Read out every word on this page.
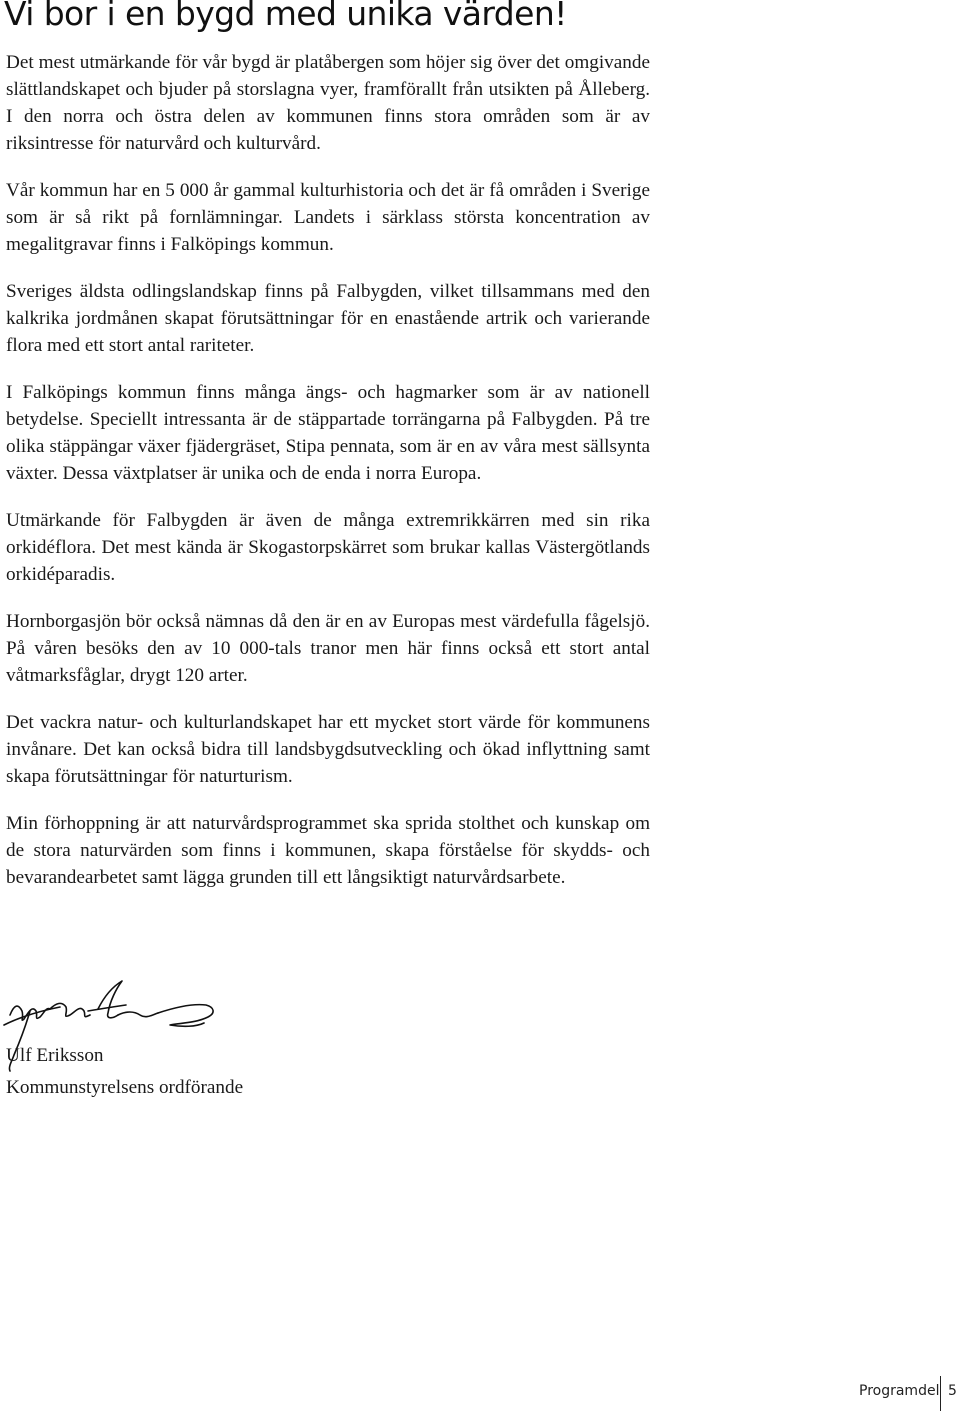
Vi bor i en bygd med unika värden!

Det mest utmärkande för vår bygd är platåbergen som höjer sig över det omgivande slättlandskapet och bjuder på storslagna vyer, framförallt från utsikten på Ålleberg. I den norra och östra delen av kommunen finns stora områden som är av riksintresse för naturvård och kulturvård.

Vår kommun har en 5 000 år gammal kulturhistoria och det är få områden i Sverige som är så rikt på fornlämningar. Landets i särklass största koncentration av megalitgravar finns i Falköpings kommun.

Sveriges äldsta odlingslandskap finns på Falbygden, vilket tillsammans med den kalkrika jordmånen skapat förutsättningar för en enastående artrik och varierande flora med ett stort antal rariteter.

I Falköpings kommun finns många ängs- och hagmarker som är av nationell betydelse. Speciellt intressanta är de stäppartade torrängarna på Falbygden. På tre olika stäppängar växer fjädergräset, Stipa pennata, som är en av våra mest sällsynta växter. Dessa växtplatser är unika och de enda i norra Europa.

Utmärkande för Falbygden är även de många extremrikkärren med sin rika orkidéflora. Det mest kända är Skogastorpskärret som brukar kallas Västergötlands orkidéparadis.

Hornborgasjön bör också nämnas då den är en av Europas mest värdefulla fågelsjö. På våren besöks den av 10 000-tals tranor men här finns också ett stort antal våtmarksfåglar, drygt 120 arter.

Det vackra natur- och kulturlandskapet har ett mycket stort värde för kommunens invånare. Det kan också bidra till landsbygdsutveckling och ökad inflyttning samt skapa förutsättningar för naturturism.

Min förhoppning är att naturvårdsprogrammet ska sprida stolthet och kunskap om de stora naturvärden som finns i kommunen, skapa förståelse för skydds- och bevarandearbetet samt lägga grunden till ett långsiktigt naturvårdsarbete.

Ulf Eriksson
Kommunstyrelsens ordförande
Programdel 5
